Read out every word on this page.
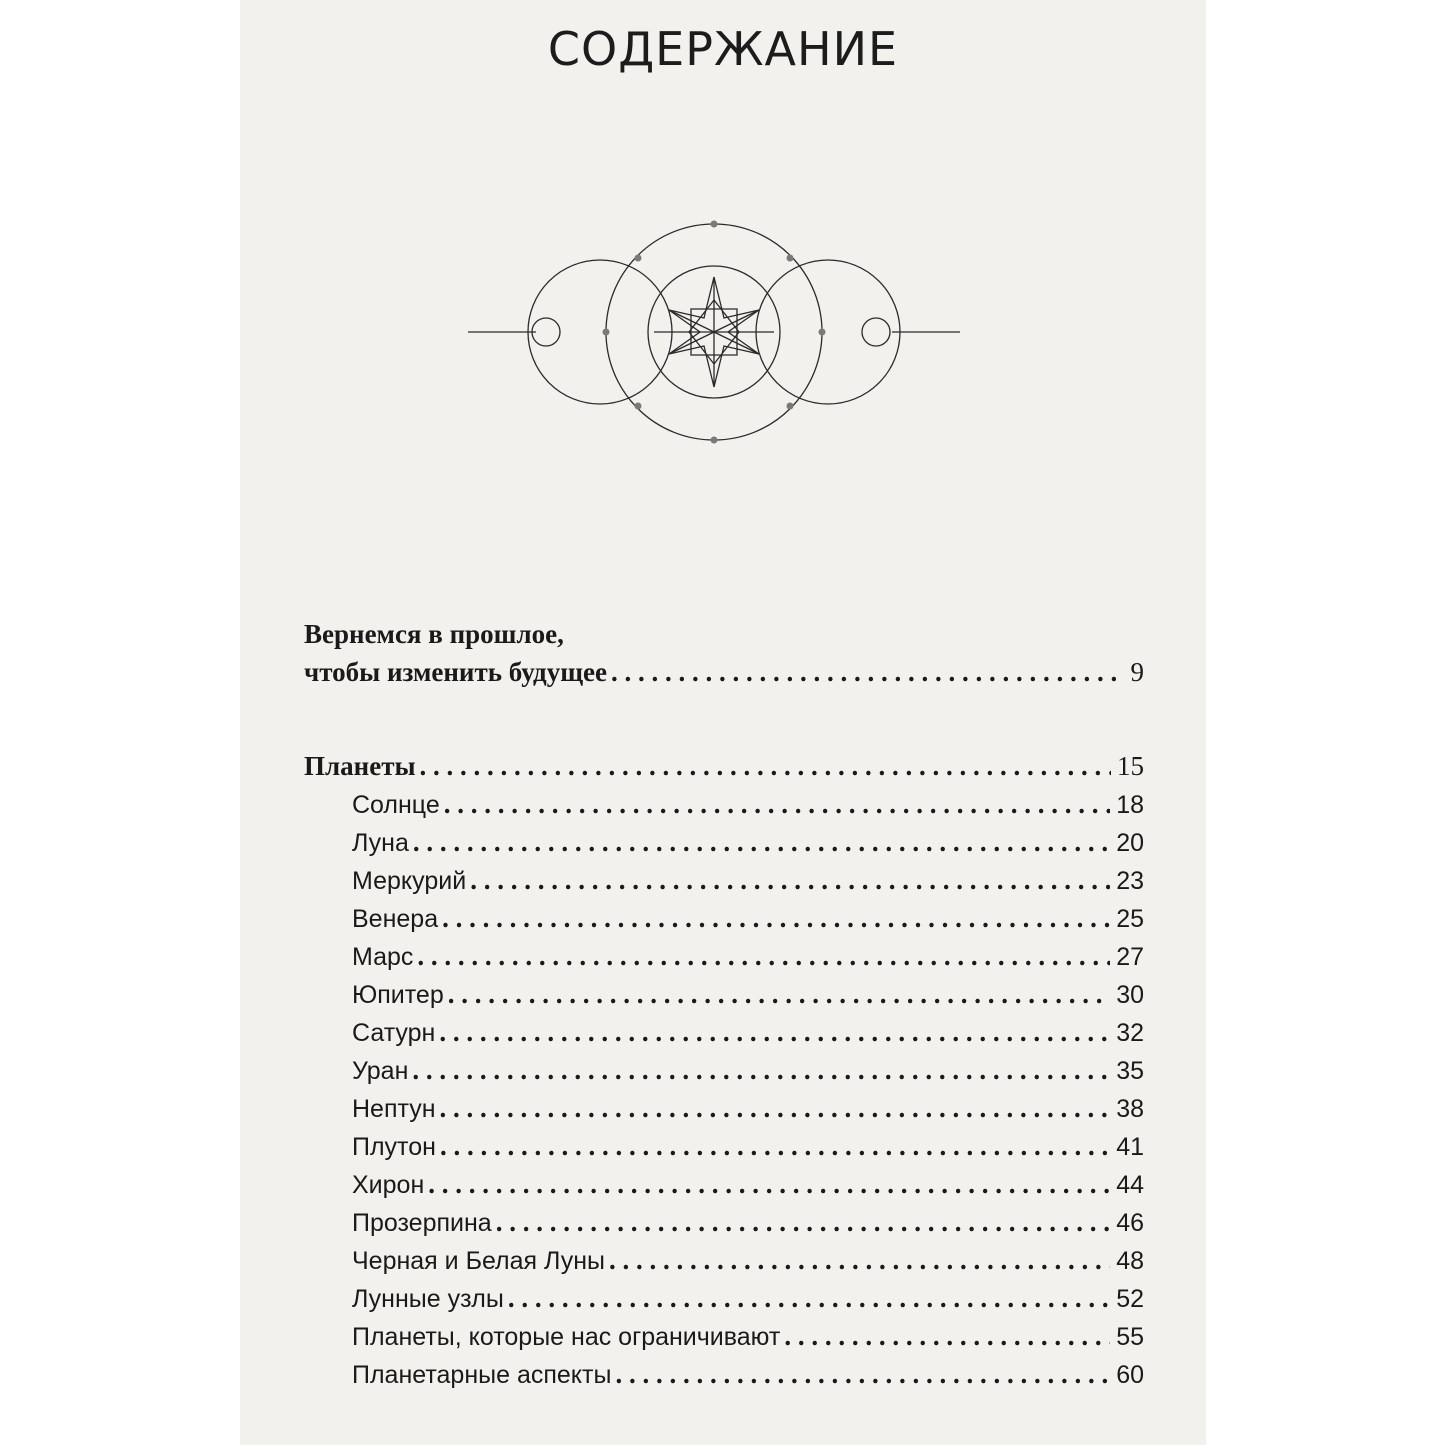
СОДЕРЖАНИЕ
Вернемся в прошлое,
чтобы изменить будущее . . .	9
Планеты . . .	15
Солнце . . .	18
Луна . . .	20
Меркурий . . .	23
Венера . . .	25
Марс . . .	27
Юпитер . . .	30
Сатурн . . .	32
Уран . . .	35
Нептун . . .	38
Плутон . . .	41
Хирон . . .	44
Прозерпина . . .	46
Черная и Белая Луны . . .	48
Лунные узлы . . .	52
Планеты, которые нас ограничивают . . .	55
Планетарные аспекты . . .	60
